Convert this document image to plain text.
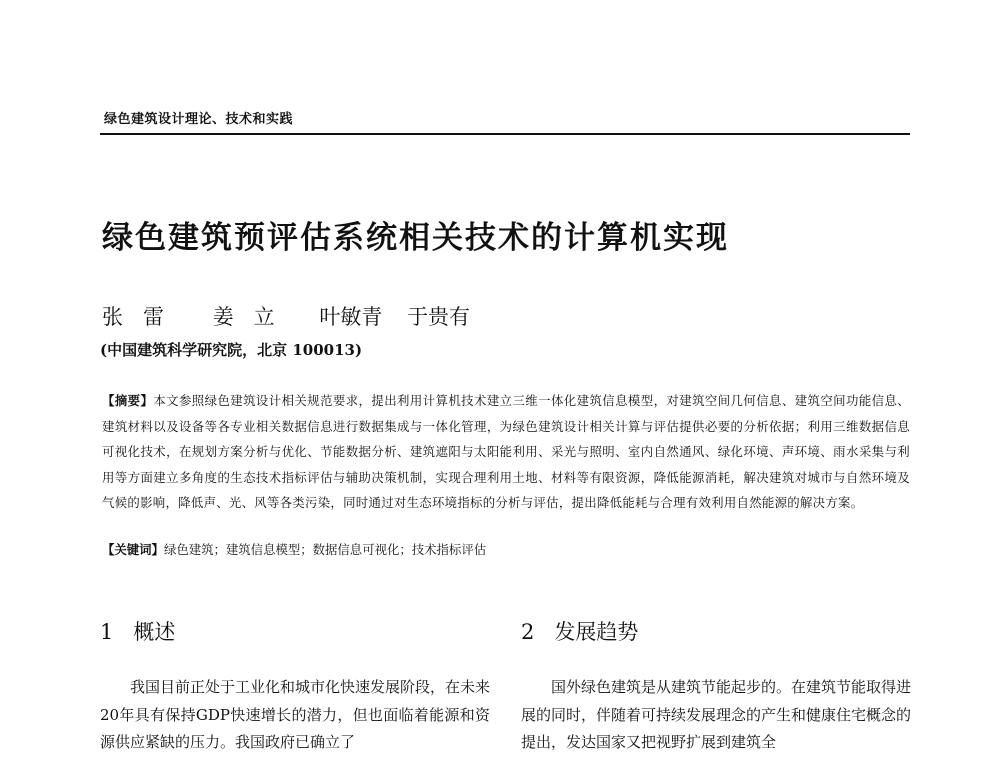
绿色建筑设计理论、技术和实践
绿色建筑预评估系统相关技术的计算机实现
张雷 姜立 叶敏青 于贵有
(中国建筑科学研究院，北京 100013)
【摘要】本文参照绿色建筑设计相关规范要求，提出利用计算机技术建立三维一体化建筑信息模型，对建筑空间几何信息、建筑空间功能信息、建筑材料以及设备等各专业相关数据信息进行数据集成与一体化管理，为绿色建筑设计相关计算与评估提供必要的分析依据；利用三维数据信息可视化技术，在规划方案分析与优化、节能数据分析、建筑遮阳与太阳能利用、采光与照明、室内自然通风、绿化环境、声环境、雨水采集与利用等方面建立多角度的生态技术指标评估与辅助决策机制，实现合理利用土地、材料等有限资源，降低能源消耗，解决建筑对城市与自然环境及气候的影响，降低声、光、风等各类污染，同时通过对生态环境指标的分析与评估，提出降低能耗与合理有效利用自然能源的解决方案。
【关键词】绿色建筑；建筑信息模型；数据信息可视化；技术指标评估
1 概述	2 发展趋势
我国目前正处于工业化和城市化快速发展阶段，在未来20年具有保持GDP快速增长的潜力，但也面临着能源和资源供应紧缺的压力。我国政府已确立了
国外绿色建筑是从建筑节能起步的。在建筑节能取得进展的同时，伴随着可持续发展理念的产生和健康住宅概念的提出，发达国家又把视野扩展到建筑全
